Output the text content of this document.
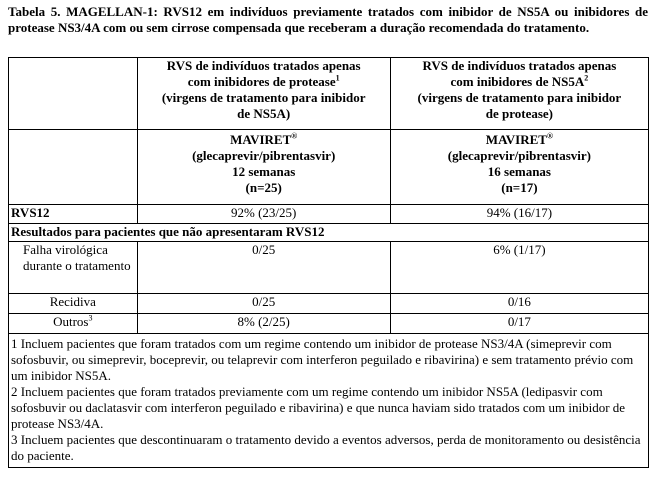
Tabela 5. MAGELLAN-1: RVS12 em indivíduos previamente tratados com inibidor de NS5A ou inibidores de protease NS3/4A com ou sem cirrose compensada que receberam a duração recomendada do tratamento.
	RVS de indivíduos tratados apenas
com inibidores de protease$^1$
(virgens de tratamento para inibidor
de NS5A)	RVS de indivíduos tratados apenas
com inibidores de $NS5A^2$
(virgens de tratamento para inibidor
de protease)
	MAVIRET®
(glecaprevir/pibrentasvir)
12 semanas
(n=25)	MAVIRET®
(glecaprevir/pibrentasvir)
16 semanas
(n=17)
RVS12	92% (23/25)	94% (16/17)
Resultados para pacientes que não apresentaram RVS12		
Falha virológica durante o tratamento	0/25	6% (1/17)
Recidiva	0/25	0/16
Outros$^3$	8% (2/25)	0/17

1 Incluem pacientes que foram tratados com um regime contendo um inibidor de protease NS3/4A (simeprevir com sofosbuvir, ou simeprevir, boceprevir, ou telaprevir com interferon peguilado e ribavirina) e sem tratamento prévio com um inibidor NS5A.
2 Incluem pacientes que foram tratados previamente com um regime contendo um inibidor NS5A (ledipasvir com sofosbuvir ou daclatasvir com interferon peguilado e ribavirina) e que nunca haviam sido tratados com um inibidor de protease NS3/4A.
3 Incluem pacientes que descontinuaram o tratamento devido a eventos adversos, perda de monitoramento ou desistência do paciente.		
